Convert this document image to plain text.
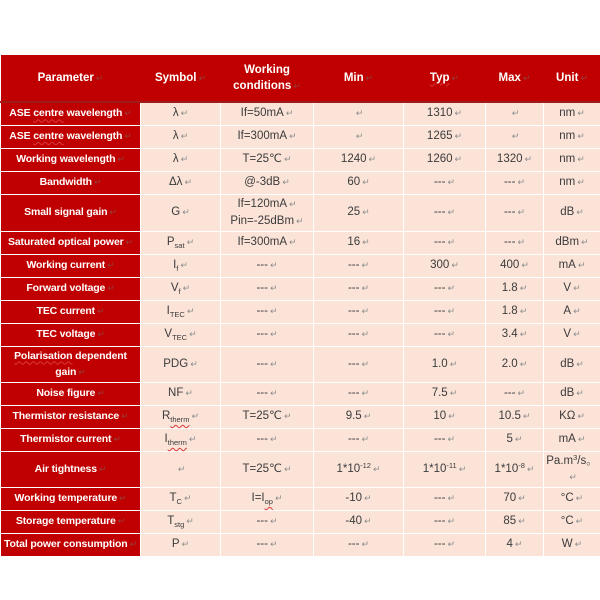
Parameter ↵	Symbol ↵	Working conditions ↵	Min ↵	Typ ↵	Max ↵	Unit ↵

ASE centre wavelength ↵	λ ↵	If=50mA ↵	↵	1310 ↵	↵	nm ↵

ASE centre wavelength ↵	λ ↵	If=300mA ↵	↵	1265 ↵	↵	nm ↵

Working wavelength ↵	λ ↵	T=25℃ ↵	1240 ↵	1260 ↵	1320 ↵	nm ↵

Bandwidth ↵	Δλ ↵	@-3dB ↵	60 ↵	--- ↵	--- ↵	nm ↵

Small signal gain ↵	G ↵	If=120mA ↵
Pin=-25dBm ↵	25 ↵	--- ↵	--- ↵	dB ↵

Saturated optical power ↵	$P_{sat}$ ↵	If=300mA ↵	16 ↵	--- ↵	--- ↵	dBm ↵

Working current ↵	$I_f$ ↵	--- ↵	--- ↵	300 ↵	400 ↵	mA ↵

Forward voltage ↵	$V_f$ ↵	--- ↵	--- ↵	--- ↵	1.8 ↵	V ↵

TEC current ↵	$I_{TEC}$ ↵	--- ↵	--- ↵	--- ↵	1.8 ↵	A ↵

TEC voltage ↵	$V_{TEC}$ ↵	--- ↵	--- ↵	--- ↵	3.4 ↵	V ↵

Polarisation dependent gain ↵	PDG ↵	--- ↵	--- ↵	1.0 ↵	2.0 ↵	dB ↵

Noise figure ↵	NF ↵	--- ↵	--- ↵	7.5 ↵	--- ↵	dB ↵

Thermistor resistance ↵	$R_{therm}$ ↵	T=25℃ ↵	9.5 ↵	10 ↵	10.5 ↵	KΩ ↵

Thermistor current ↵	$I_{therm}$ ↵	--- ↵	--- ↵	--- ↵	5 ↵	mA ↵

Air tightness ↵	↵	T=25℃ ↵	$1*10^{-12}$ ↵	$1*10^{-11}$ ↵	$1*10^{-8}$ ↵	$Pa.m^3/s$。↵

Working temperature ↵	$T_C$ ↵	$I=I_{op}$ ↵	-10 ↵	--- ↵	70 ↵	°C ↵

Storage temperature ↵	$T_{stg}$ ↵	--- ↵	-40 ↵	--- ↵	85 ↵	°C ↵

Total power consumption ↵	P ↵	--- ↵	--- ↵	--- ↵	4 ↵	W ↵
